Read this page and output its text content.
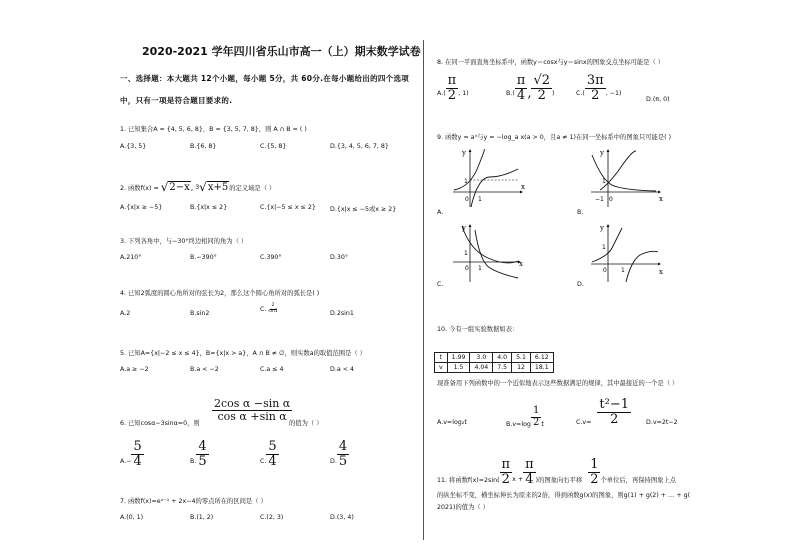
2020-2021 学年四川省乐山市高一（上）期末数学试卷
一、选择题：本大题共 12个小题，每小题 5分，共 60分.在每小题给出的四个选项
中，只有一项是符合题目要求的.
1. 已知集合A = {4, 5, 6, 8}，B = {3, 5, 7, 8}，则 A ∩ B = ( )
A.{3, 5}	B.{6, 8}	C.{5, 8}	D.{3, 4, 5, 6, 7, 8}
2. 函数f(x) = √ 2−x , 3 √ x+5 的定义域是（ ）
A.{x|x ≥ −5}	B.{x|x ≤ 2}	C.{x|−5 ≤ x ≤ 2} D.{x|x ≤ −5或x ≥ 2}
3. 下列各角中，与−30°终边相同的角为（ ）
A.210°	B.−390°	C.390°	D.30°
4. 已知2弧度的圆心角所对的弦长为2，那么这个圆心角所对的弧长是( )
A.2	B.sin2
C. $\frac{2}{\sin 1}$	D.2sin1
5. 已知A={x|−2 ≤ x ≤ 4}，B={x|x > a}，A ∩ B ≠ ∅，则实数a的取值范围是（ ）
A.a ≥ −2	B.a < −2	C.a ≤ 4	D.a < 4
6. 已知cosα−3sinα=0，则
$\frac{\text{2cos α −sin α}}{\text{cos α +sin α}}$
的值为（ ）
$A.- \frac{5}{4}$	B. $\frac{4}{5}$	C. $\frac{5}{4}$	D. $\frac{4}{5}$
7. 函数f(x)=eˣ⁻¹ + 2x−4的零点所在的区间是（ ）
A.(0, 1)	B.(1, 2)	C.(2, 3)	D.(3, 4)
8. 在同一平面直角坐标系中，函数y＝cosx与y＝sinx的图象交点坐标可能是（ ）
$A.( \frac{\pi}{2}$ , 1)	$B.( \frac{\pi}{4}$ , $\frac{√2}{2}$ )	$C.( \frac{3\pi}{2}$ , −1)
D.(π, 0)
9. 函数y = aˣ与y = −log_a x(a > 0，且a ≠ 1)在同一坐标系中的图象只可能是( )
y
x
1
0 1
A.
y
x
1
−1 0
B.
y
x
1
0 1
C.
y
x
1
0 1
D.
10. 今有一组实验数据如表：
t	1.99	3.0	4.0	5.1	6.12
v	1.5	4.04	7.5	12	18.1
现准备用下列函数中的一个近似地表示这些数据满足的规律，其中最接近的一个是（ ）
A.v=log₂t	$B.v=\log \frac{1}{2}$ t	$C.v= \frac{\text{t²−1}}{2} D.v=2t-2$
11. 将函数$f(x)=2\sin( \frac{\pi}{2}$ $x + \frac{\pi}{4}$ )的图象向右平移 $\frac{1}{2}$ 个单位后，再保持图象上点
的纵坐标不变，横坐标伸长为原来的2倍，得到函数g(x)的图象，则g(1) + g(2) + … + g(
2021)的值为（ ）
